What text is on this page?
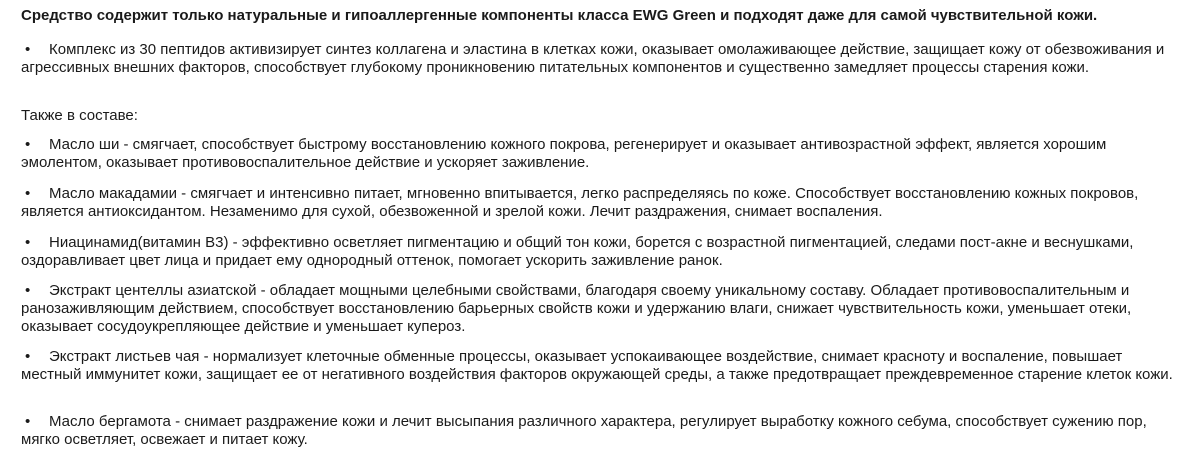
Средство содержит только натуральные и гипоаллергенные компоненты класса EWG Green и подходят даже для самой чувствительной кожи.

• Комплекс из 30 пептидов активизирует синтез коллагена и эластина в клетках кожи, оказывает омолаживающее действие, защищает кожу от обезвоживания и агрессивных внешних факторов, способствует глубокому проникновению питательных компонентов и существенно замедляет процессы старения кожи.

Также в составе:

• Масло ши - смягчает, способствует быстрому восстановлению кожного покрова, регенерирует и оказывает антивозрастной эффект, является хорошим эмолентом, оказывает противовоспалительное действие и ускоряет заживление.
• Масло макадамии - смягчает и интенсивно питает, мгновенно впитывается, легко распределяясь по коже. Способствует восстановлению кожных покровов, является антиоксидантом. Незаменимо для сухой, обезвоженной и зрелой кожи. Лечит раздражения, снимает воспаления.
• Ниацинамид(витамин B3) - эффективно осветляет пигментацию и общий тон кожи, борется с возрастной пигментацией, следами пост-акне и веснушками, оздоравливает цвет лица и придает ему однородный оттенок, помогает ускорить заживление ранок.
• Экстракт центеллы азиатской - обладает мощными целебными свойствами, благодаря своему уникальному составу. Обладает противовоспалительным и ранозаживляющим действием, способствует восстановлению барьерных свойств кожи и удержанию влаги, снижает чувствительность кожи, уменьшает отеки, оказывает сосудоукрепляющее действие и уменьшает купероз.
• Экстракт листьев чая - нормализует клеточные обменные процессы, оказывает успокаивающее воздействие, снимает красноту и воспаление, повышает местный иммунитет кожи, защищает ее от негативного воздействия факторов окружающей среды, а также предотвращает преждевременное старение клеток кожи.
• Масло бергамота - снимает раздражение кожи и лечит высыпания различного характера, регулирует выработку кожного себума, способствует сужению пор, мягко осветляет, освежает и питает кожу.
